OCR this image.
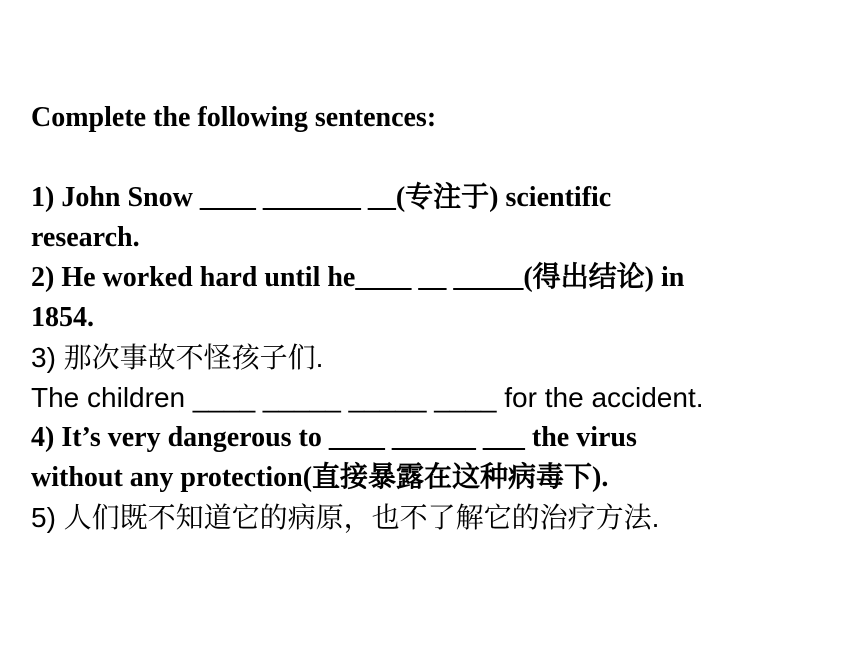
Complete the following sentences:
1) John Snow ____ _______ __(专注于) scientific
research.
2) He worked hard until he____ __ _____(得出结论) in
1854.
3) 那次事故不怪孩子们.
The children ____ _____ _____ ____ for the accident.
4) It’s very dangerous to ____ ______ ___ the virus
without any protection(直接暴露在这种病毒下).
5) 人们既不知道它的病原，也不了解它的治疗方法.
